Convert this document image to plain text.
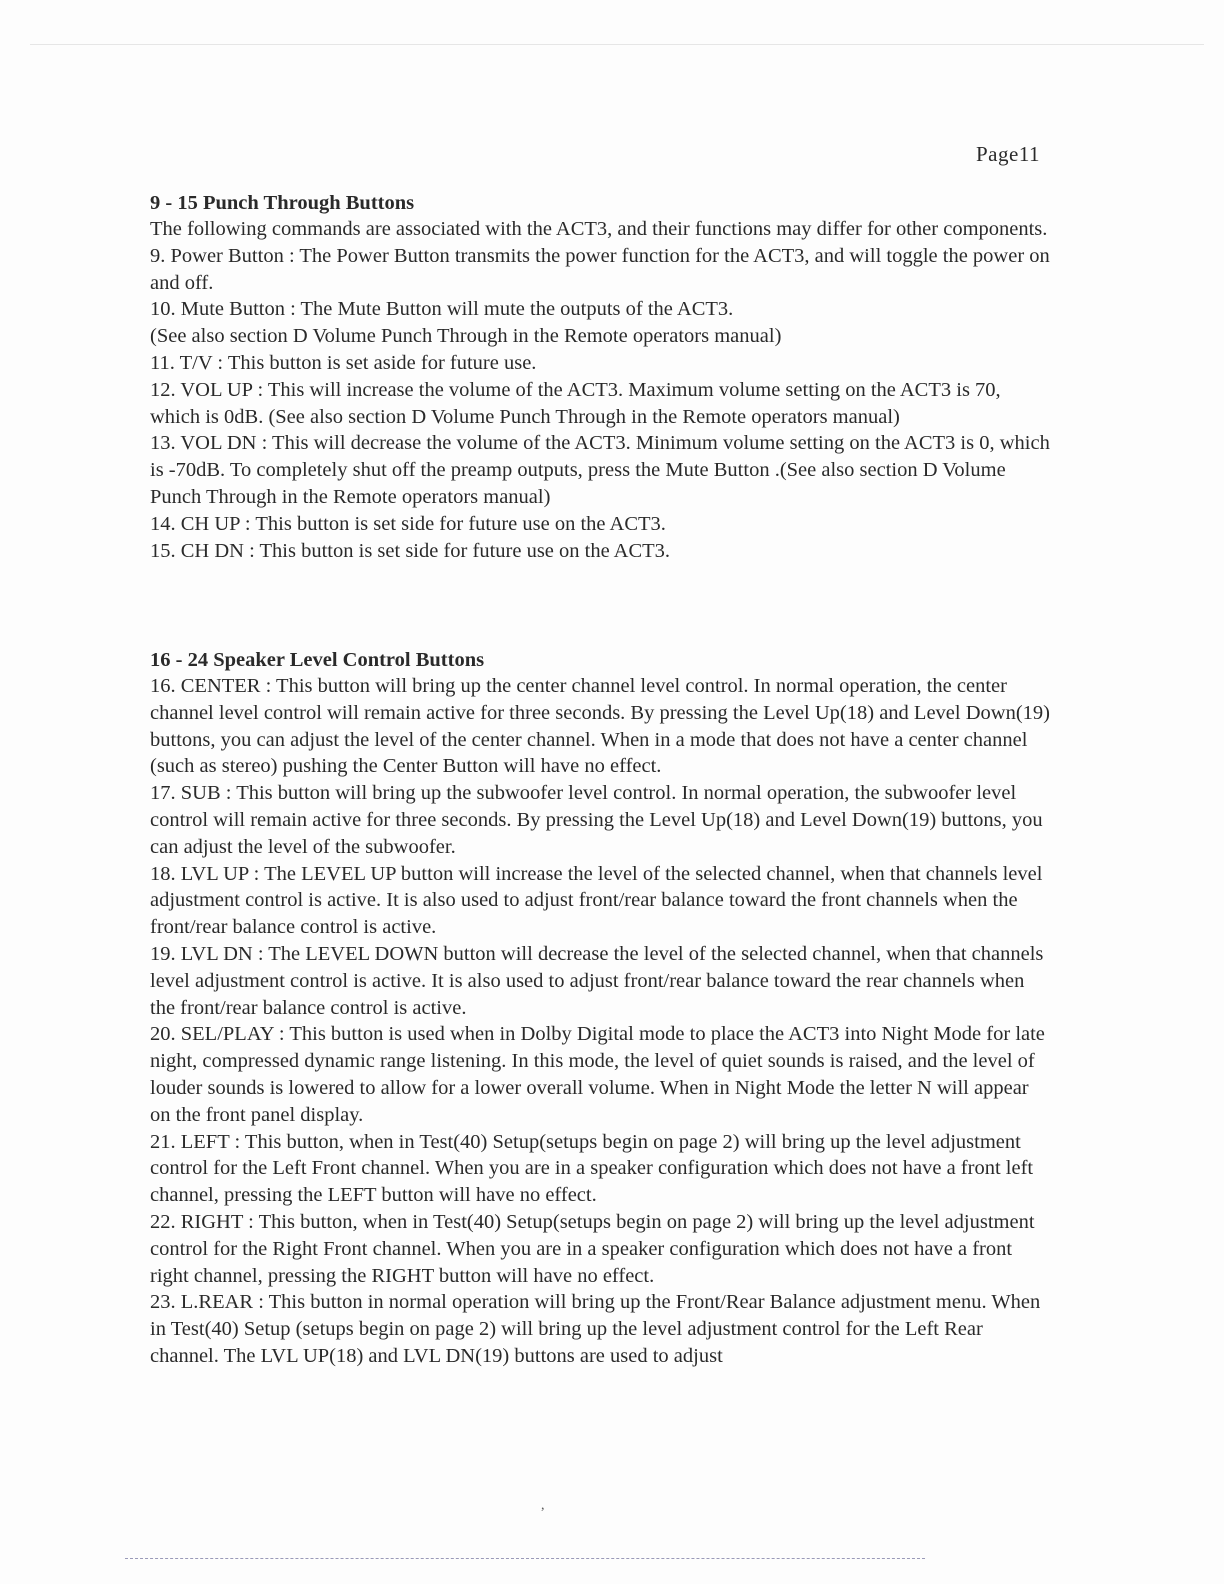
Page11
9 - 15 Punch Through Buttons

The following commands are associated with the ACT3, and their functions may differ for other components.

9. Power Button : The Power Button transmits the power function for the ACT3, and will toggle the power on and off.

10. Mute Button : The Mute Button will mute the outputs of the ACT3.

(See also section D Volume Punch Through in the Remote operators manual)

11. T/V : This button is set aside for future use.

12. VOL UP : This will increase the volume of the ACT3. Maximum volume setting on the ACT3 is 70, which is 0dB. (See also section D Volume Punch Through in the Remote operators manual)

13. VOL DN : This will decrease the volume of the ACT3. Minimum volume setting on the ACT3 is 0, which is -70dB. To completely shut off the preamp outputs, press the Mute Button .(See also section D Volume Punch Through in the Remote operators manual)

14. CH UP : This button is set side for future use on the ACT3.

15. CH DN : This button is set side for future use on the ACT3.

16 - 24 Speaker Level Control Buttons

16. CENTER : This button will bring up the center channel level control. In normal operation, the center channel level control will remain active for three seconds. By pressing the Level Up(18) and Level Down(19) buttons, you can adjust the level of the center channel. When in a mode that does not have a center channel (such as stereo) pushing the Center Button will have no effect.

17. SUB : This button will bring up the subwoofer level control. In normal operation, the subwoofer level control will remain active for three seconds. By pressing the Level Up(18) and Level Down(19) buttons, you can adjust the level of the subwoofer.

18. LVL UP : The LEVEL UP button will increase the level of the selected channel, when that channels level adjustment control is active. It is also used to adjust front/rear balance toward the front channels when the front/rear balance control is active.

19. LVL DN : The LEVEL DOWN button will decrease the level of the selected channel, when that channels level adjustment control is active. It is also used to adjust front/rear balance toward the rear channels when the front/rear balance control is active.

20. SEL/PLAY : This button is used when in Dolby Digital mode to place the ACT3 into Night Mode for late night, compressed dynamic range listening. In this mode, the level of quiet sounds is raised, and the level of louder sounds is lowered to allow for a lower overall volume. When in Night Mode the letter N will appear on the front panel display.

21. LEFT : This button, when in Test(40) Setup(setups begin on page 2) will bring up the level adjustment control for the Left Front channel. When you are in a speaker configuration which does not have a front left channel, pressing the LEFT button will have no effect.

22. RIGHT : This button, when in Test(40) Setup(setups begin on page 2) will bring up the level adjustment control for the Right Front channel. When you are in a speaker configuration which does not have a front right channel, pressing the RIGHT button will have no effect.

23. L.REAR : This button in normal operation will bring up the Front/Rear Balance adjustment menu. When in Test(40) Setup (setups begin on page 2) will bring up the level adjustment control for the Left Rear channel. The LVL UP(18) and LVL DN(19) buttons are used to adjust

,
